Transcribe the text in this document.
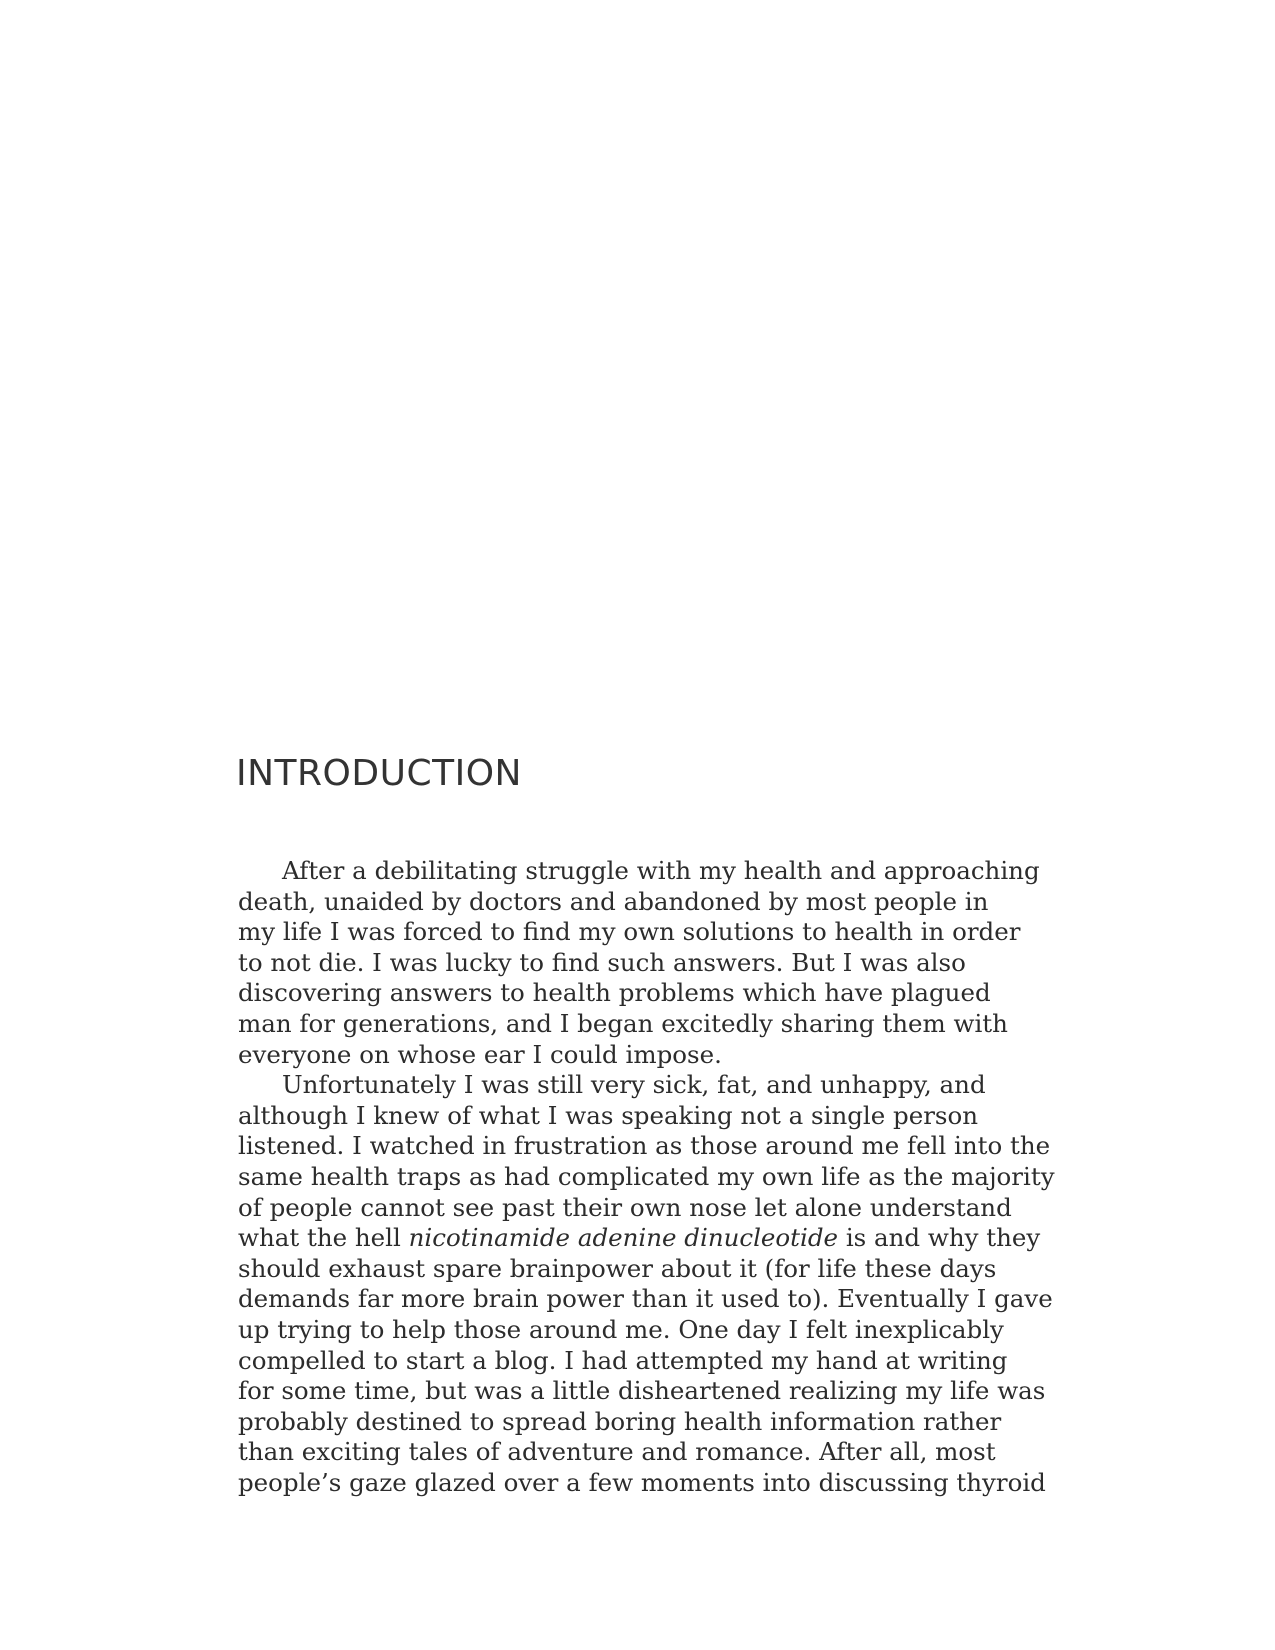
INTRODUCTION

After a debilitating struggle with my health and approaching
death, unaided by doctors and abandoned by most people in
my life I was forced to find my own solutions to health in order
to not die. I was lucky to find such answers. But I was also
discovering answers to health problems which have plagued
man for generations, and I began excitedly sharing them with
everyone on whose ear I could impose.

Unfortunately I was still very sick, fat, and unhappy, and
although I knew of what I was speaking not a single person
listened. I watched in frustration as those around me fell into the
same health traps as had complicated my own life as the majority
of people cannot see past their own nose let alone understand
what the hell nicotinamide adenine dinucleotide is and why they
should exhaust spare brainpower about it (for life these days
demands far more brain power than it used to). Eventually I gave
up trying to help those around me. One day I felt inexplicably
compelled to start a blog. I had attempted my hand at writing
for some time, but was a little disheartened realizing my life was
probably destined to spread boring health information rather
than exciting tales of adventure and romance. After all, most
people’s gaze glazed over a few moments into discussing thyroid
